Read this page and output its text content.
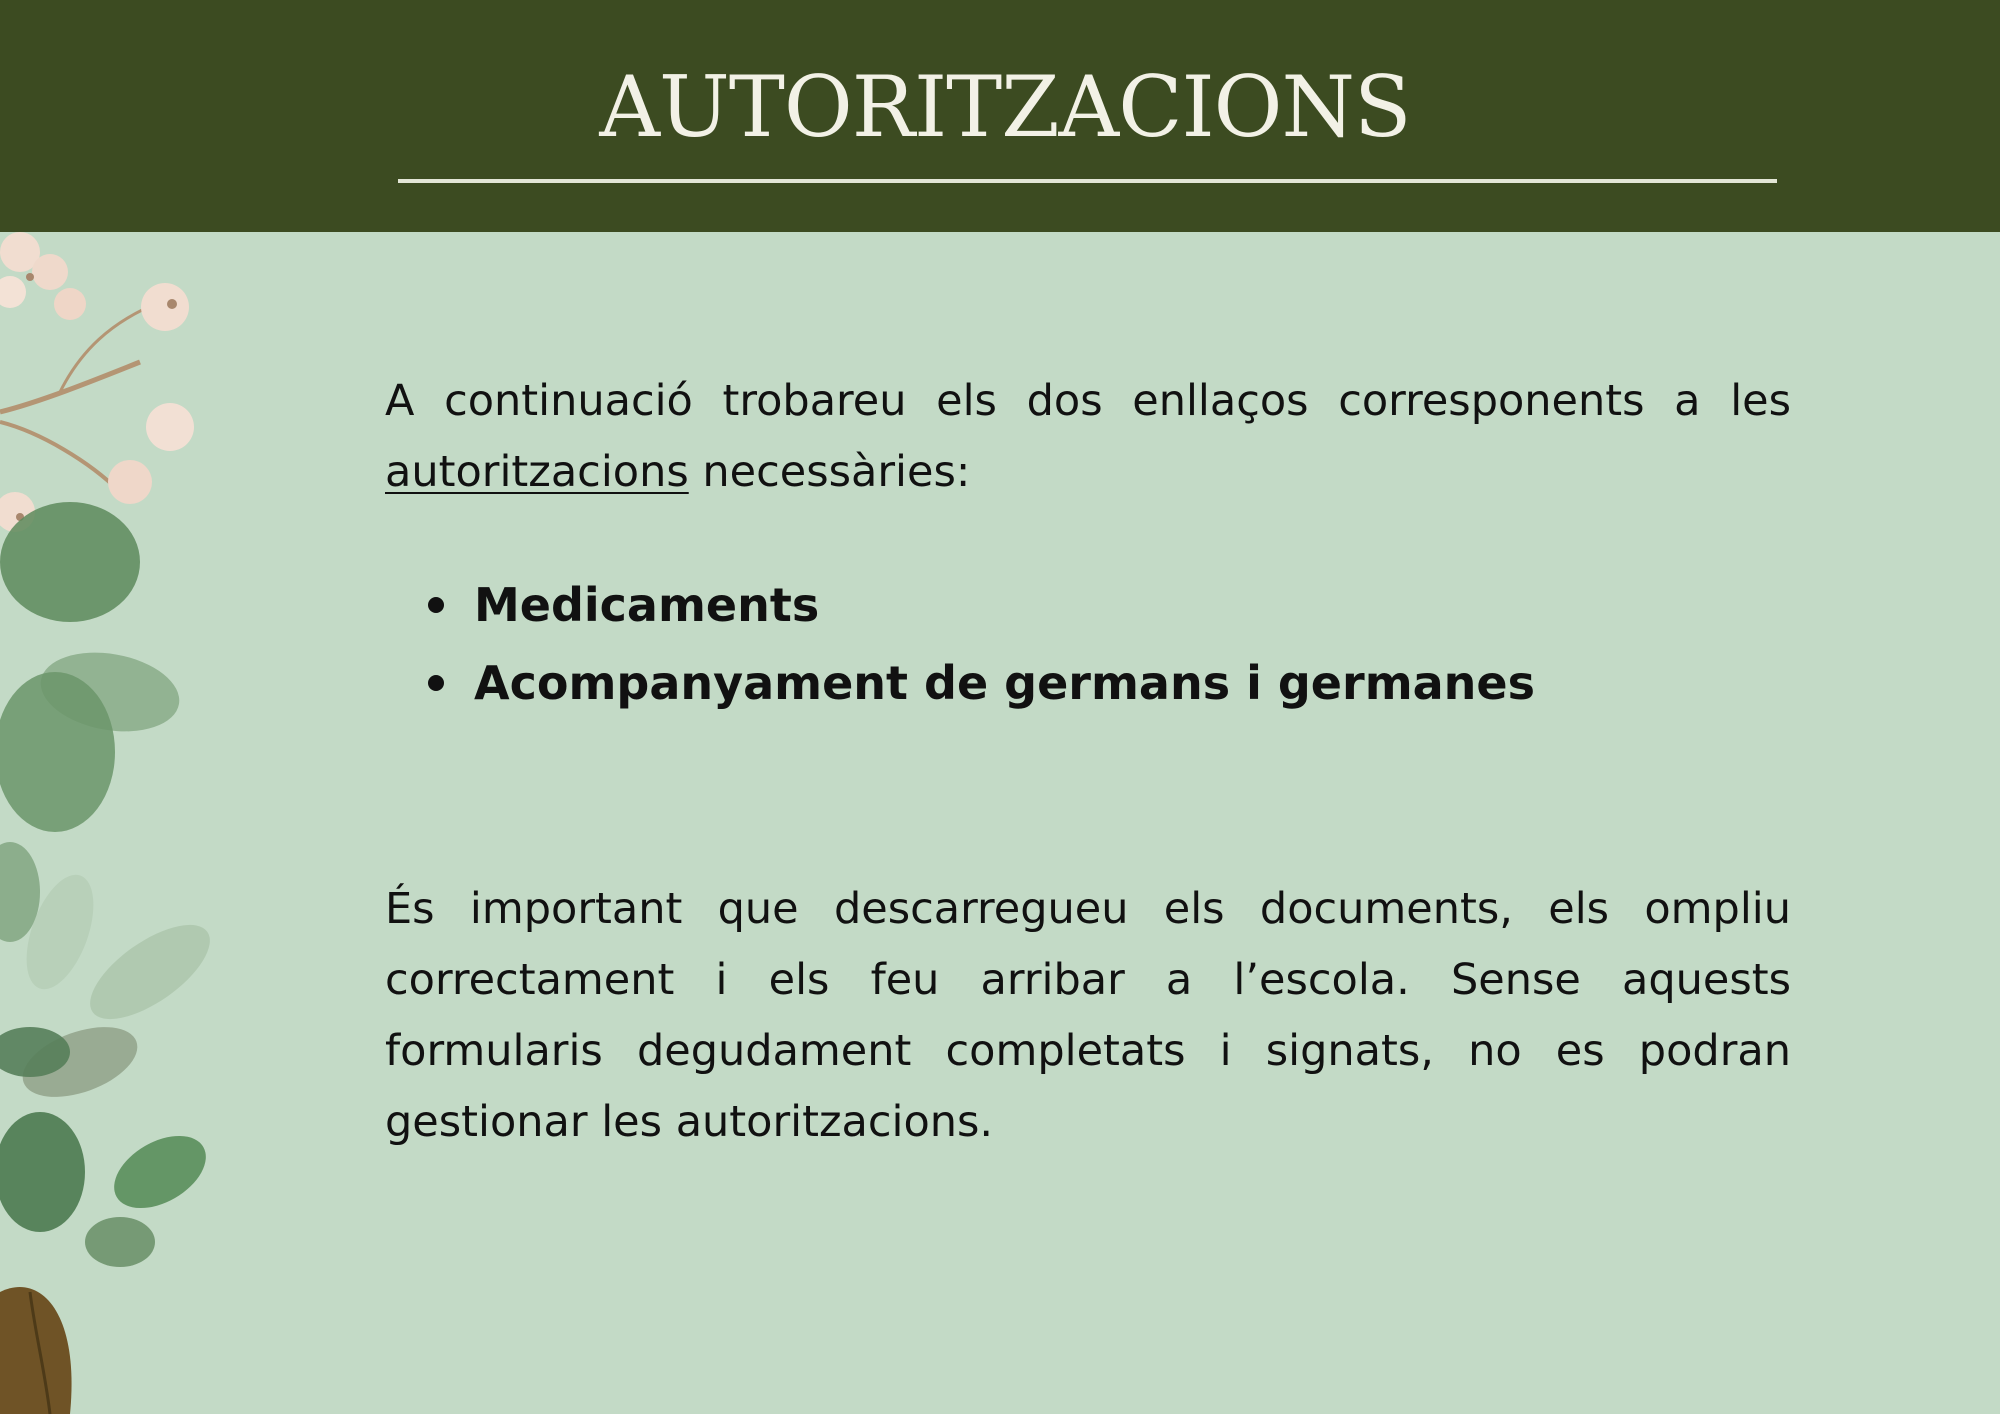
AUTORITZACIONS

A continuació trobareu els dos enllaços corresponents a les autoritzacions necessàries:

Medicaments
Acompanyament de germans i germanes

És important que descarregueu els documents, els ompliu correctament i els feu arribar a l’escola. Sense aquests formularis degudament completats i signats, no es podran gestionar les autoritzacions.
